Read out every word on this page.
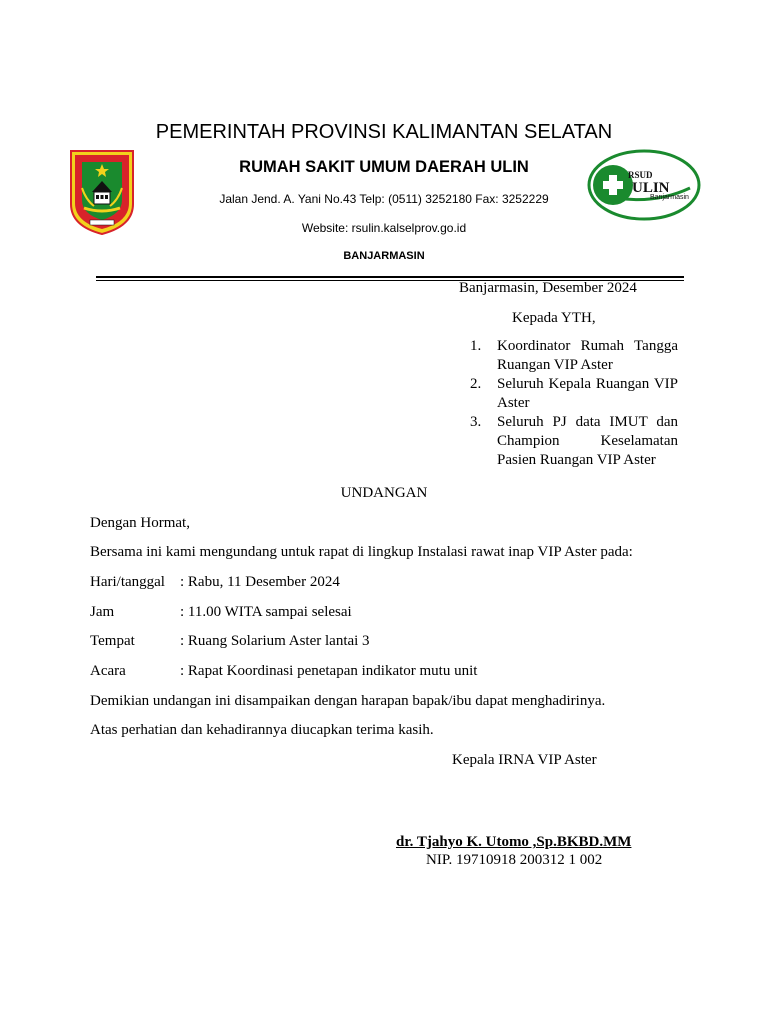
PEMERINTAH PROVINSI KALIMANTAN SELATAN
RUMAH SAKIT UMUM DAERAH ULIN
Jalan Jend. A. Yani No.43 Telp: (0511) 3252180 Fax: 3252229
Website: rsulin.kalselprov.go.id
BANJARMASIN
RSUD
ULIN
Banjarmasin
Banjarmasin, Desember 2024
Kepada YTH,
1.	Koordinator Rumah Tangga Ruangan VIP Aster
2.	Seluruh Kepala Ruangan VIP Aster
3.	Seluruh PJ data IMUT dan Champion Keselamatan Pasien Ruangan VIP Aster
UNDANGAN
Dengan Hormat,
Bersama ini kami mengundang untuk rapat di lingkup Instalasi rawat inap VIP Aster pada:
Hari/tanggal	: Rabu, 11 Desember 2024
Jam	: 11.00 WITA sampai selesai
Tempat	: Ruang Solarium Aster lantai 3
Acara	: Rapat Koordinasi penetapan indikator mutu unit
Demikian undangan ini disampaikan dengan harapan bapak/ibu dapat menghadirinya.
Atas perhatian dan kehadirannya diucapkan terima kasih.
Kepala IRNA VIP Aster
dr. Tjahyo K. Utomo ,Sp.BKBD.MM
NIP. 19710918 200312 1 002
